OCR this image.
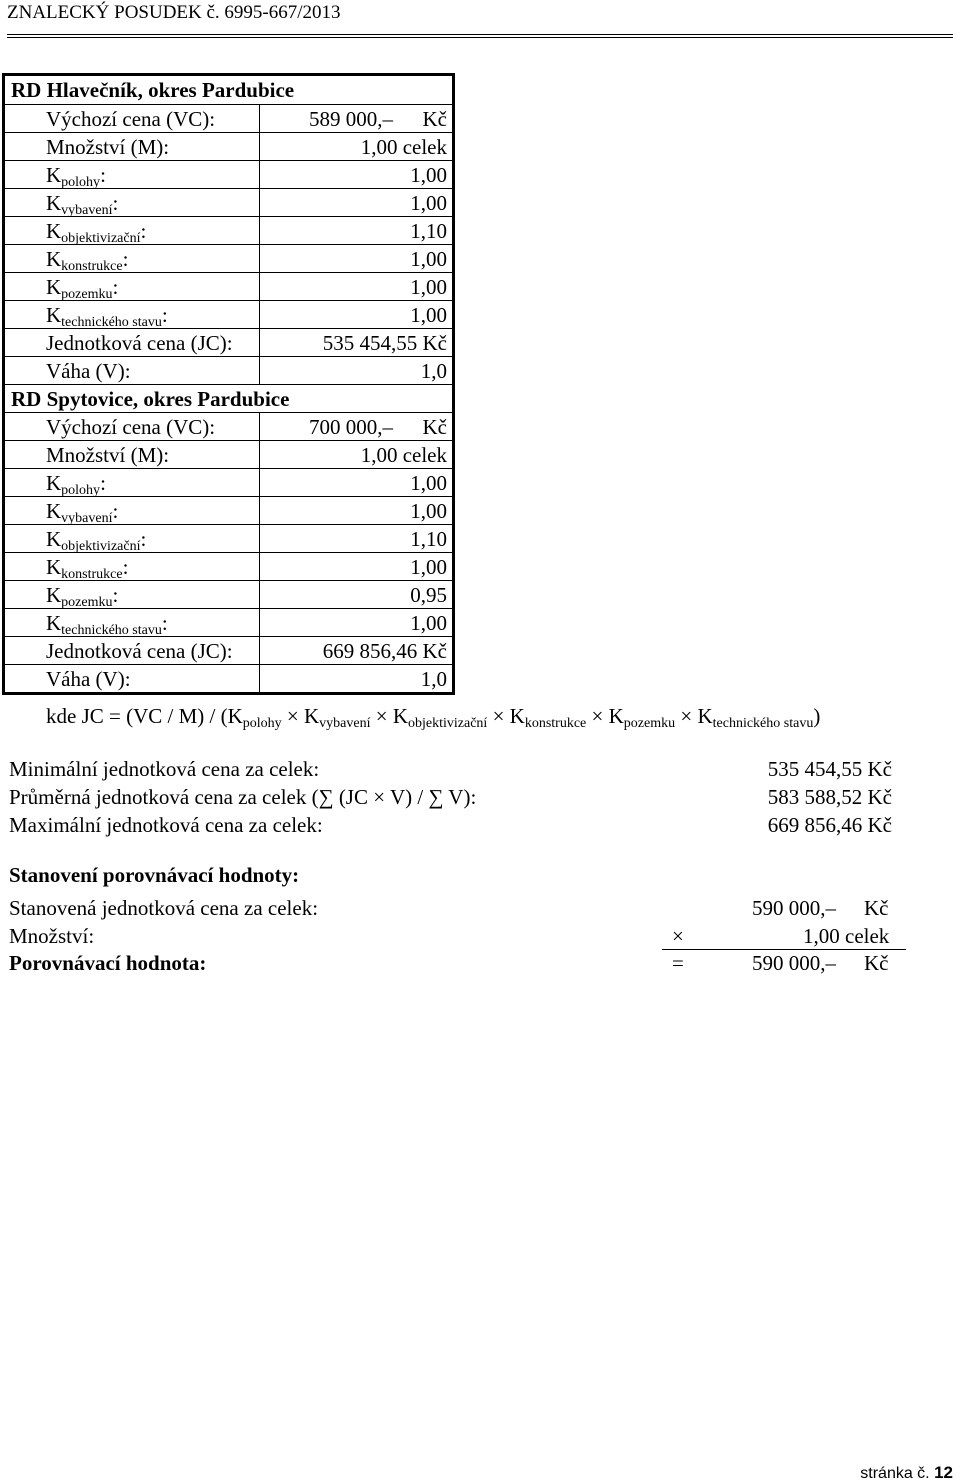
ZNALECKÝ POSUDEK č. 6995-667/2013
RD Hlavečník, okres Pardubice
Výchozí cena (VC):	589 000,– Kč
Množství (M):	1,00 celek
$K_{polohy}$:	1,00
$K_{vybavení}$:	1,00
$K_{objektivizační}$:	1,10
$K_{konstrukce}$:	1,00
$K_{pozemku}$:	1,00
$K_{technického stavu}$:	1,00
Jednotková cena (JC):	535 454,55 Kč
Váha (V):	1,0
RD Spytovice, okres Pardubice
Výchozí cena (VC):	700 000,– Kč
Množství (M):	1,00 celek
$K_{polohy}$:	1,00
$K_{vybavení}$:	1,00
$K_{objektivizační}$:	1,10
$K_{konstrukce}$:	1,00
$K_{pozemku}$:	0,95
$K_{technického stavu}$:	1,00
Jednotková cena (JC):	669 856,46 Kč
Váha (V):	1,0
kde JC = $(VC / M) / (K_{polohy} \times K_{vybavení} \times K_{objektivizační} \times K_{konstrukce} \times K_{pozemku} \times K_{technického stavu})$
Minimální jednotková cena za celek:	535 454,55 Kč
Průměrná jednotková cena za celek (∑ (JC × V) / ∑ V):	583 588,52 Kč
Maximální jednotková cena za celek:	669 856,46 Kč
Stanovení porovnávací hodnoty:
Stanovená jednotková cena za celek:	590 000,– Kč
Množství:	×	1,00 celek
Porovnávací hodnota:	=	590 000,– Kč
stránka č. 12
